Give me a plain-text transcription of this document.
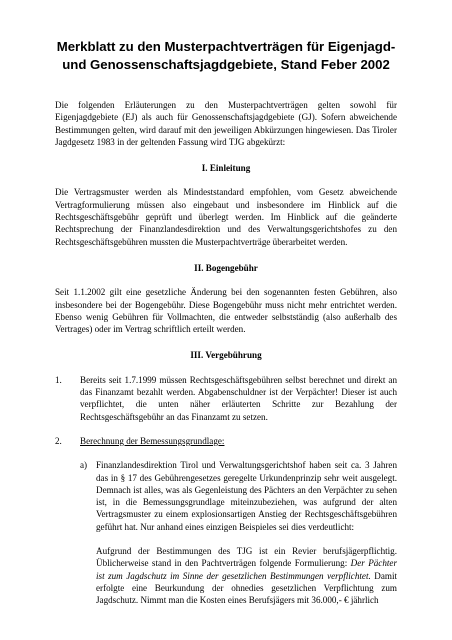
Merkblatt zu den Musterpachtverträgen für Eigenjagd-
und Genossenschaftsjagdgebiete, Stand Feber 2002

Die folgenden Erläuterungen zu den Musterpachtverträgen gelten sowohl für Eigenjagdgebiete (EJ) als auch für Genossenschaftsjagdgebiete (GJ). Sofern abweichende Bestimmungen gelten, wird darauf mit den jeweiligen Abkürzungen hingewiesen. Das Tiroler Jagdgesetz 1983 in der geltenden Fassung wird TJG abgekürzt:

I. Einleitung

Die Vertragsmuster werden als Mindeststandard empfohlen, vom Gesetz abweichende Vertragformulierung müssen also eingebaut und insbesondere im Hinblick auf die Rechtsgeschäftsgebühr geprüft und überlegt werden. Im Hinblick auf die geänderte Rechtsprechung der Finanzlandesdirektion und des Verwaltungsgerichtshofes zu den Rechtsgeschäftsgebühren mussten die Musterpachtverträge überarbeitet werden.

II. Bogengebühr

Seit 1.1.2002 gilt eine gesetzliche Änderung bei den sogenannten festen Gebühren, also insbesondere bei der Bogengebühr. Diese Bogengebühr muss nicht mehr entrichtet werden. Ebenso wenig Gebühren für Vollmachten, die entweder selbstständig (also außerhalb des Vertrages) oder im Vertrag schriftlich erteilt werden.

III. Vergebührung

1.	Bereits seit 1.7.1999 müssen Rechtsgeschäftsgebühren selbst berechnet und direkt an das Finanzamt bezahlt werden. Abgabenschuldner ist der Verpächter! Dieser ist auch verpflichtet, die unten näher erläuterten Schritte zur Bezahlung der Rechtsgeschäftsgebühr an das Finanzamt zu setzen.
2.	Berechnung der Bemessungsgrundlage:
a) Finanzlandesdirektion Tirol und Verwaltungsgerichtshof haben seit ca. 3 Jahren das in § 17 des Gebührengesetzes geregelte Urkundenprinzip sehr weit ausgelegt. Demnach ist alles, was als Gegenleistung des Pächters an den Verpächter zu sehen ist, in die Bemessungsgrundlage miteinzubeziehen, was aufgrund der alten Vertragsmuster zu einem explosionsartigen Anstieg der Rechtsgeschäftsgebühren geführt hat. Nur anhand eines einzigen Beispieles sei dies verdeutlicht:

Aufgrund der Bestimmungen des TJG ist ein Revier berufsjägerpflichtig. Üblicherweise stand in den Pachtverträgen folgende Formulierung: Der Pächter ist zum Jagdschutz im Sinne der gesetzlichen Bestimmungen verpflichtet. Damit erfolgte eine Beurkundung der ohnedies gesetzlichen Verpflichtung zum Jagdschutz. Nimmt man die Kosten eines Berufsjägers mit 36.000,- € jährlich
